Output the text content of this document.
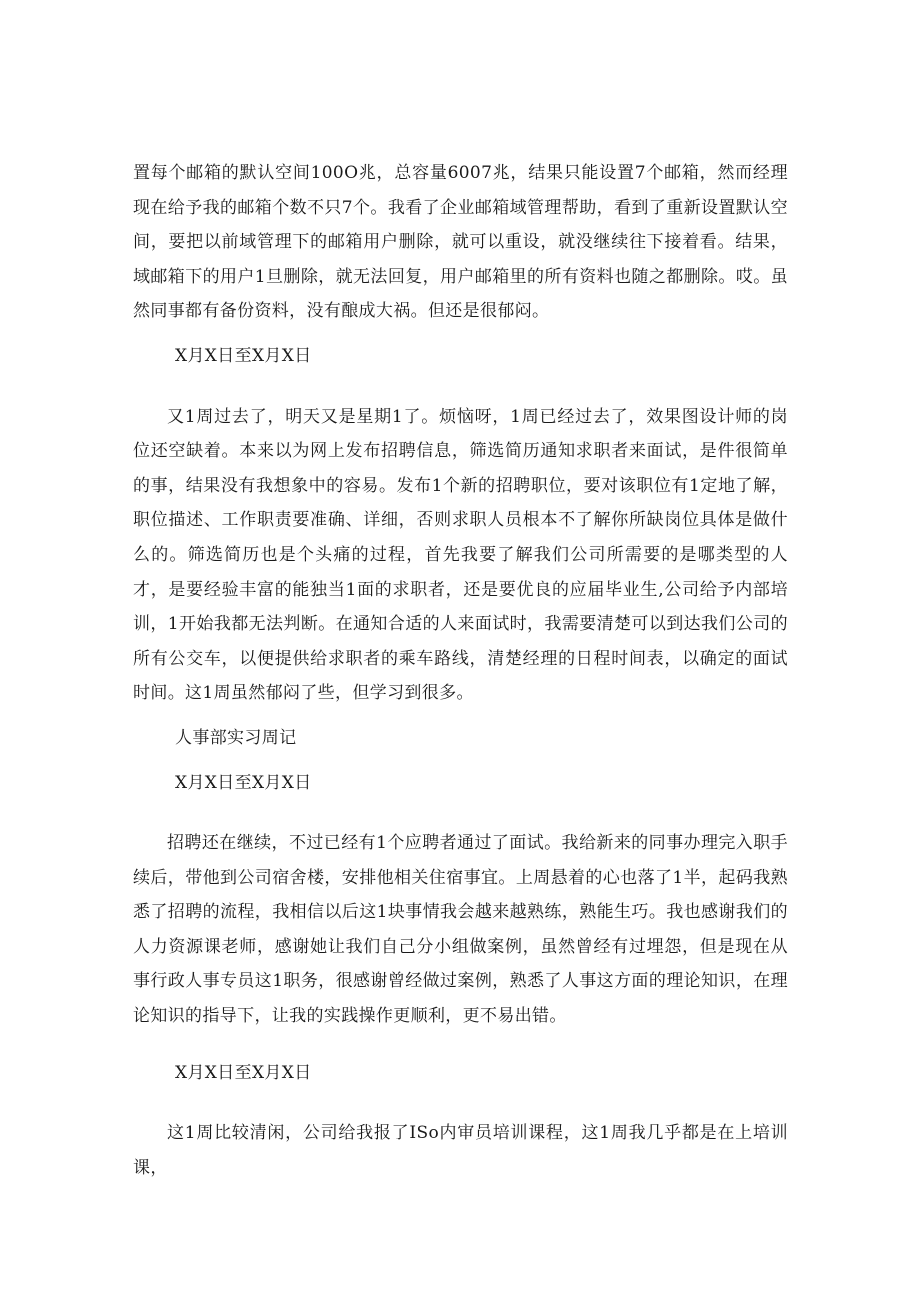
置每个邮箱的默认空间100O兆，总容量6007兆，结果只能设置7个邮箱，然而经理现在给予我的邮箱个数不只7个。我看了企业邮箱域管理帮助，看到了重新设置默认空间，要把以前域管理下的邮箱用户删除，就可以重设，就没继续往下接着看。结果，域邮箱下的用户1旦删除，就无法回复，用户邮箱里的所有资料也随之都删除。哎。虽然同事都有备份资料，没有酿成大祸。但还是很郁闷。

X月X日至X月X日

又1周过去了，明天又是星期1了。烦恼呀，1周已经过去了，效果图设计师的岗位还空缺着。本来以为网上发布招聘信息，筛选简历通知求职者来面试，是件很简单的事，结果没有我想象中的容易。发布1个新的招聘职位，要对该职位有1定地了解，职位描述、工作职责要准确、详细，否则求职人员根本不了解你所缺岗位具体是做什么的。筛选简历也是个头痛的过程，首先我要了解我们公司所需要的是哪类型的人才，是要经验丰富的能独当1面的求职者，还是要优良的应届毕业生,公司给予内部培训，1开始我都无法判断。在通知合适的人来面试时，我需要清楚可以到达我们公司的所有公交车，以便提供给求职者的乘车路线，清楚经理的日程时间表，以确定的面试时间。这1周虽然郁闷了些，但学习到很多。

人事部实习周记

X月X日至X月X日

招聘还在继续，不过已经有1个应聘者通过了面试。我给新来的同事办理完入职手续后，带他到公司宿舍楼，安排他相关住宿事宜。上周悬着的心也落了1半，起码我熟悉了招聘的流程，我相信以后这1块事情我会越来越熟练，熟能生巧。我也感谢我们的人力资源课老师，感谢她让我们自己分小组做案例，虽然曾经有过埋怨，但是现在从事行政人事专员这1职务，很感谢曾经做过案例，熟悉了人事这方面的理论知识，在理论知识的指导下，让我的实践操作更顺利，更不易出错。

X月X日至X月X日

这1周比较清闲，公司给我报了ISo内审员培训课程，这1周我几乎都是在上培训课，
